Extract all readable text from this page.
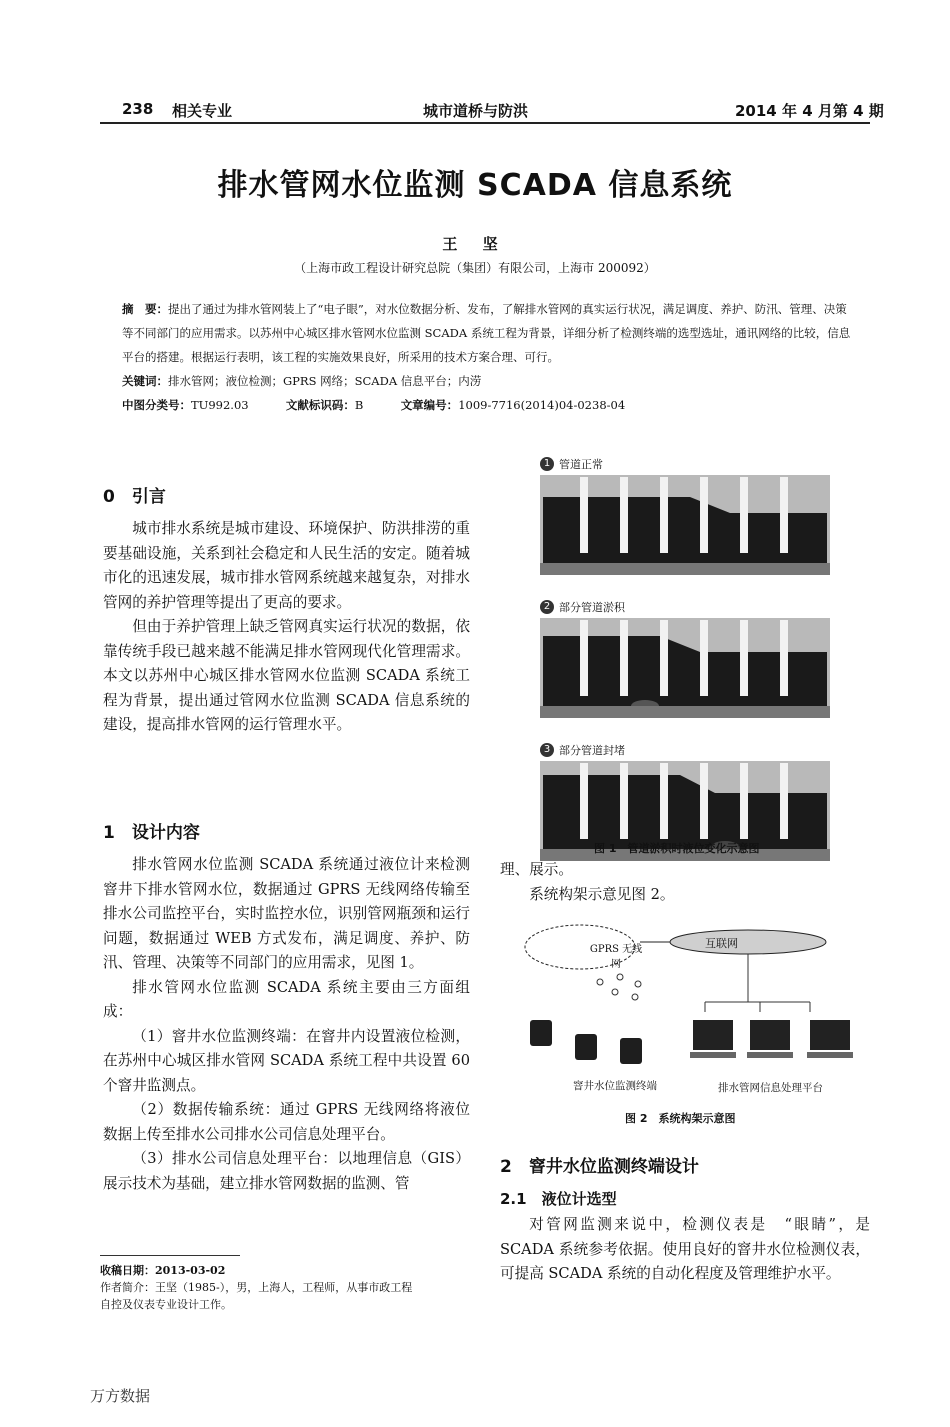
238 相关专业	城市道桥与防洪	2014 年 4 月第 4 期
排水管网水位监测 SCADA 信息系统
王 坚
（上海市政工程设计研究总院（集团）有限公司，上海市 200092）
摘　要：提出了通过为排水管网装上了“电子眼”，对水位数据分析、发布，了解排水管网的真实运行状况，满足调度、养护、防汛、管理、决策等不同部门的应用需求。以苏州中心城区排水管网水位监测 SCADA 系统工程为背景，详细分析了检测终端的选型选址，通讯网络的比较，信息平台的搭建。根据运行表明，该工程的实施效果良好，所采用的技术方案合理、可行。
关键词：排水管网；液位检测；GPRS 网络；SCADA 信息平台；内涝
中图分类号：TU992.03	文献标识码：B	文章编号：1009-7716(2014)04-0238-04
0　引言

城市排水系统是城市建设、环境保护、防洪排涝的重要基础设施，关系到社会稳定和人民生活的安定。随着城市化的迅速发展，城市排水管网系统越来越复杂，对排水管网的养护管理等提出了更高的要求。

但由于养护管理上缺乏管网真实运行状况的数据，依靠传统手段已越来越不能满足排水管网现代化管理需求。本文以苏州中心城区排水管网水位监测 SCADA 系统工程为背景，提出通过管网水位监测 SCADA 信息系统的建设，提高排水管网的运行管理水平。

1　设计内容

排水管网水位监测 SCADA 系统通过液位计来检测窨井下排水管网水位，数据通过 GPRS 无线网络传输至排水公司监控平台，实时监控水位，识别管网瓶颈和运行问题，数据通过 WEB 方式发布，满足调度、养护、防汛、管理、决策等不同部门的应用需求，见图 1。

排水管网水位监测 SCADA 系统主要由三方面组成：

（1）窨井水位监测终端：在窨井内设置液位检测，在苏州中心城区排水管网 SCADA 系统工程中共设置 60 个窨井监测点。

（2）数据传输系统：通过 GPRS 无线网络将液位数据上传至排水公司排水公司信息处理平台。

（3）排水公司信息处理平台：以地理信息（GIS）展示技术为基础，建立排水管网数据的监测、管

1 管道正常
2 部分管道淤积
3 部分管道封堵
图 1　管道淤积时液位变化示意图
理、展示。

系统构架示意见图 2。

GPRS 无线网
互联网
窨井水位监测终端	排水管网信息处理平台
图 2　系统构架示意图
2　窨井水位监测终端设计
2.1　液位计选型

对管网监测来说中，检测仪表是　“眼睛”，是 SCADA 系统参考依据。使用良好的窨井水位检测仪表，可提高 SCADA 系统的自动化程度及管理维护水平。

收稿日期：2013-03-02
作者简介：王坚（1985-），男，上海人，工程师，从事市政工程
自控及仪表专业设计工作。
万方数据
